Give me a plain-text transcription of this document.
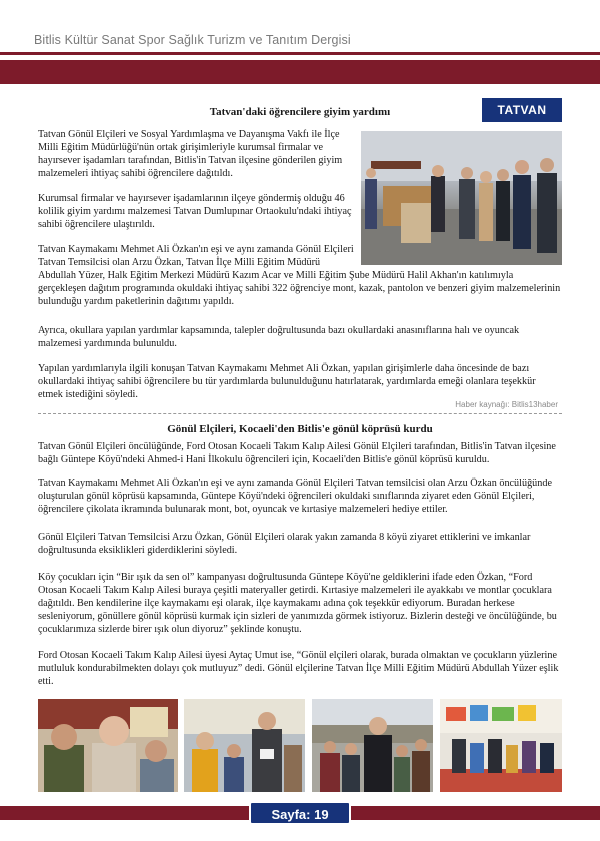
Bitlis Kültür Sanat Spor Sağlık Turizm ve Tanıtım Dergisi
TATVAN
Tatvan'daki öğrencilere giyim yardımı

Tatvan Gönül Elçileri ve Sosyal Yardımlaşma ve Dayanışma Vakfı ile İlçe Milli Eğitim Müdürlüğü'nün ortak girişimleriyle kurumsal firmalar ve hayırsever işadamları tarafından, Bitlis'in Tatvan ilçesine gönderilen giyim malzemeleri ihtiyaç sahibi öğrencilere dağıtıldı.

Kurumsal firmalar ve hayırsever işadamlarının ilçeye göndermiş olduğu 46 kolilik giyim yardımı malzemesi Tatvan Dumlupınar Ortaokulu'ndaki ihtiyaç sahibi öğrencilere ulaştırıldı.

Tatvan Kaymakamı Mehmet Ali Özkan'ın eşi ve aynı zamanda Gönül Elçileri Tatvan Temsilcisi olan Arzu Özkan, Tatvan İlçe Milli Eğitim Müdürü Abdullah Yüzer, Halk Eğitim Merkezi Müdürü Kazım Acar ve Milli Eğitim Şube Müdürü Halil Akhan'ın katılımıyla gerçekleşen dağıtım programında okuldaki ihtiyaç sahibi 322 öğrenciye mont, kazak, pantolon ve benzeri giyim malzemelerinin bulunduğu yardım paketlerinin dağıtımı yapıldı.

Ayrıca, okullara yapılan yardımlar kapsamında, talepler doğrultusunda bazı okullardaki anasınıflarına halı ve oyuncak malzemesi yardımında bulunuldu.

Yapılan yardımlarıyla ilgili konuşan Tatvan Kaymakamı Mehmet Ali Özkan, yapılan girişimlerle daha öncesinde de bazı okullardaki ihtiyaç sahibi öğrencilere bu tür yardımlarda bulunulduğunu hatırlatarak, yardımlarda emeği olanlara teşekkür etmek istediğini söyledi.

Haber kaynağı: Bitlis13haber
Gönül Elçileri, Kocaeli'den Bitlis'e gönül köprüsü kurdu

Tatvan Gönül Elçileri öncülüğünde, Ford Otosan Kocaeli Takım Kalıp Ailesi Gönül Elçileri tarafından, Bitlis'in Tatvan ilçesine bağlı Güntepe Köyü'ndeki Ahmed-i Hani İlkokulu öğrencileri için, Kocaeli'den Bitlis'e gönül köprüsü kuruldu.

Tatvan Kaymakamı Mehmet Ali Özkan'ın eşi ve aynı zamanda Gönül Elçileri Tatvan temsilcisi olan Arzu Özkan öncülüğünde oluşturulan gönül köprüsü kapsamında, Güntepe Köyü'ndeki öğrencileri okuldaki sınıflarında ziyaret eden Gönül Elçileri, öğrencilere çikolata ikramında bulunarak mont, bot, oyuncak ve kırtasiye malzemeleri hediye ettiler.

Gönül Elçileri Tatvan Temsilcisi Arzu Özkan, Gönül Elçileri olarak yakın zamanda 8 köyü ziyaret ettiklerini ve imkanlar doğrultusunda eksiklikleri giderdiklerini söyledi.

Köy çocukları için “Bir ışık da sen ol” kampanyası doğrultusunda Güntepe Köyü'ne geldiklerini ifade eden Özkan, “Ford Otosan Kocaeli Takım Kalıp Ailesi buraya çeşitli materyaller getirdi. Kırtasiye malzemeleri ile ayakkabı ve montlar çocuklara dağıtıldı. Ben kendilerine ilçe kaymakamı eşi olarak, ilçe kaymakamı adına çok teşekkür ediyorum. Buradan herkese sesleniyorum, gönüllere gönül köprüsü kurmak için sizleri de yanımızda görmek istiyoruz. Bizlerin desteği ve öncülüğünde, bu çocuklarımıza sizlerde birer ışık olun diyoruz” şeklinde konuştu.

Ford Otosan Kocaeli Takım Kalıp Ailesi üyesi Aytaç Umut ise, “Gönül elçileri olarak, burada olmaktan ve çocukların yüzlerine mutluluk kondurabilmekten dolayı çok mutluyuz” dedi. Gönül elçilerine Tatvan İlçe Milli Eğitim Müdürü Abdullah Yüzer eşlik etti.

Sayfa: 19
